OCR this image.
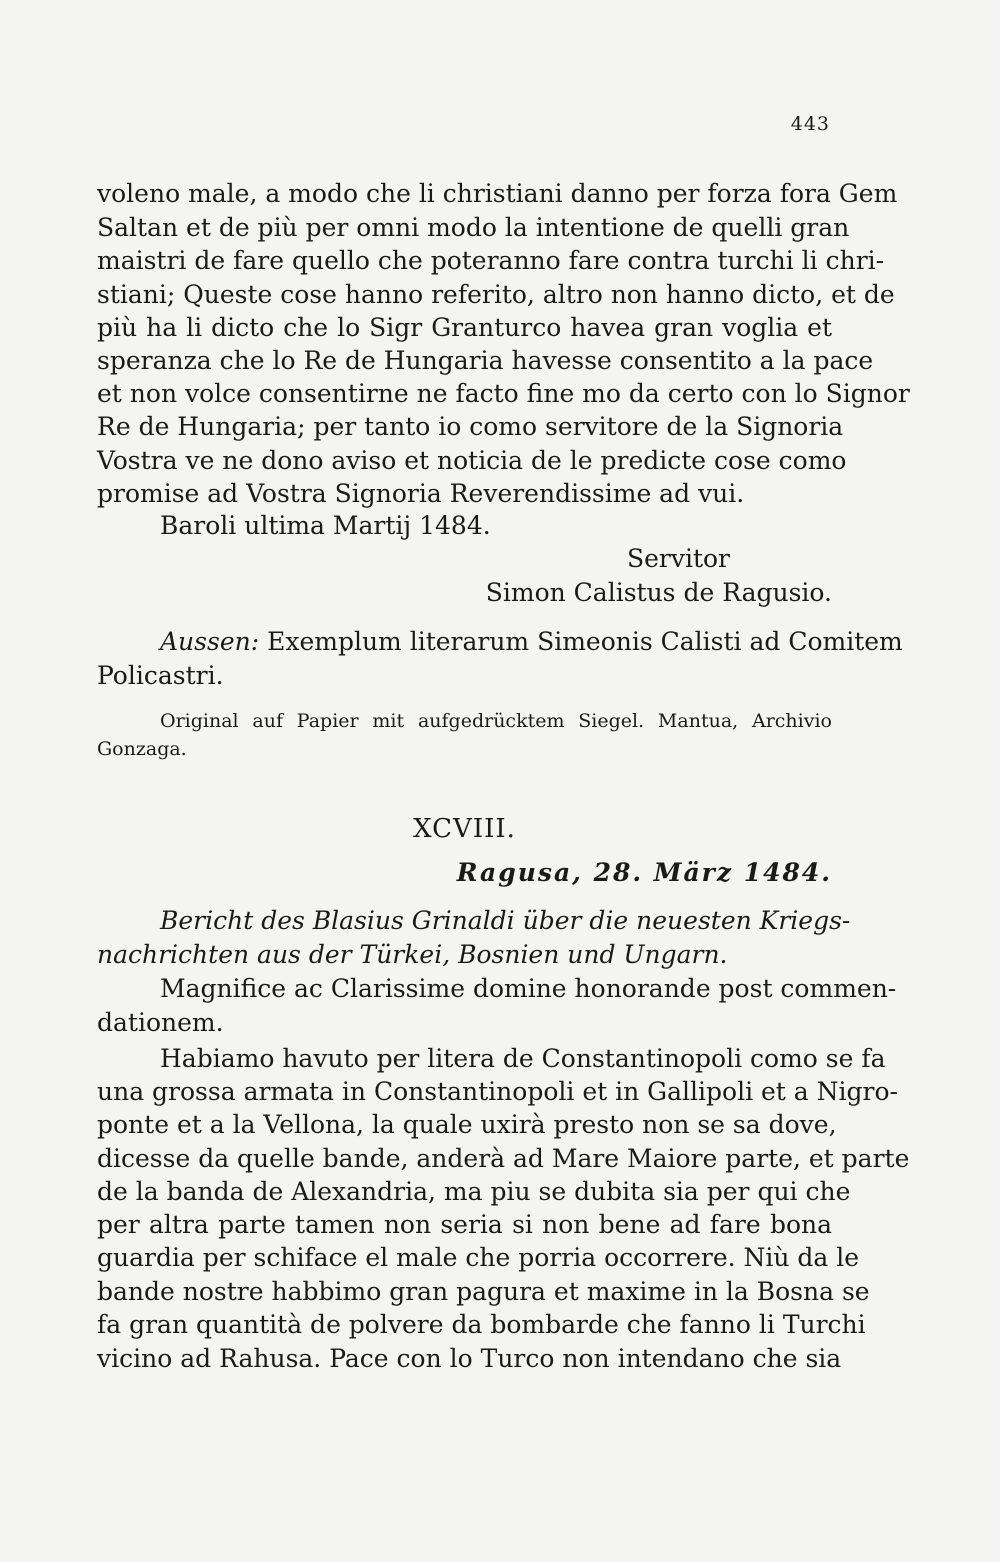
443
voleno male, a modo che li christiani danno per forza fora Gem
Saltan et de più per omni modo la intentione de quelli gran
maistri de fare quello che poteranno fare contra turchi li chri-
stiani; Queste cose hanno referito, altro non hanno dicto, et de
più ha li dicto che lo Sigr Granturco havea gran voglia et
speranza che lo Re de Hungaria havesse consentito a la pace
et non volce consentirne ne facto fine mo da certo con lo Signor
Re de Hungaria; per tanto io como servitore de la Signoria
Vostra ve ne dono aviso et noticia de le predicte cose como
promise ad Vostra Signoria Reverendissime ad vui.
Baroli ultima Martij 1484.
Servitor
Simon Calistus de Ragusio.
Aussen: Exemplum literarum Simeonis Calisti ad Comitem
Policastri.
Original auf Papier mit aufgedrücktem Siegel. Mantua, Archivio
Gonzaga.
XCVIII.
Ragusa, 28. März 1484.
Bericht des Blasius Grinaldi über die neuesten Kriegs-
nachrichten aus der Türkei, Bosnien und Ungarn.
Magnifice ac Clarissime domine honorande post commen-
dationem.
Habiamo havuto per litera de Constantinopoli como se fa
una grossa armata in Constantinopoli et in Gallipoli et a Nigro-
ponte et a la Vellona, la quale uxirà presto non se sa dove,
dicesse da quelle bande, anderà ad Mare Maiore parte, et parte
de la banda de Alexandria, ma piu se dubita sia per qui che
per altra parte tamen non seria si non bene ad fare bona
guardia per schiface el male che porria occorrere. Niù da le
bande nostre habbimo gran pagura et maxime in la Bosna se
fa gran quantità de polvere da bombarde che fanno li Turchi
vicino ad Rahusa. Pace con lo Turco non intendano che sia
